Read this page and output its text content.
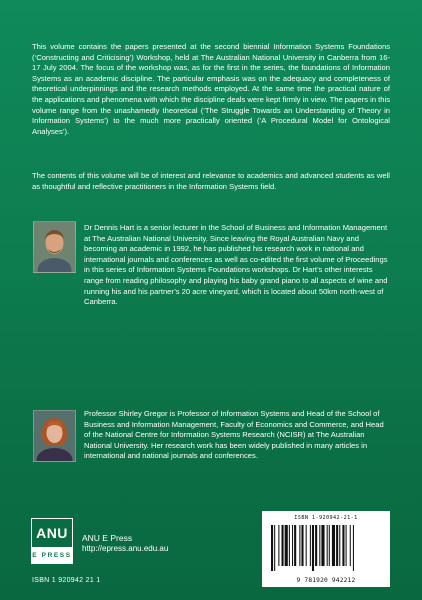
This volume contains the papers presented at the second biennial Information Systems Foundations (‘Constructing and Criticising’) Workshop, held at The Australian National University in Canberra from 16-17 July 2004. The focus of the workshop was, as for the first in the series, the foundations of Information Systems as an academic discipline. The particular emphasis was on the adequacy and completeness of theoretical underpinnings and the research methods employed. At the same time the practical nature of the applications and phenomena with which the discipline deals were kept firmly in view. The papers in this volume range from the unashamedly theoretical (‘The Struggle Towards an Understanding of Theory in Information Systems’) to the much more practically oriented (‘A Procedural Model for Ontological Analyses’).

The contents of this volume will be of interest and relevance to academics and advanced students as well as thoughtful and reflective practitioners in the Information Systems field.

Dr Dennis Hart is a senior lecturer in the School of Business and Information Management at The Australian National University. Since leaving the Royal Australian Navy and becoming an academic in 1992, he has published his research work in national and international journals and conferences as well as co-edited the first volume of Proceedings in this series of Information Systems Foundations workshops. Dr Hart’s other interests range from reading philosophy and playing his baby grand piano to all aspects of wine and running his and his partner’s 20 acre vineyard, which is located about 50km north-west of Canberra.

Professor Shirley Gregor is Professor of Information Systems and Head of the School of Business and Information Management, Faculty of Economics and Commerce, and Head of the National Centre for Information Systems Research (NCISR) at The Australian National University. Her research work has been widely published in many articles in international and national journals and conferences.

ANU
E PRESS

ANU E Press

http://epress.anu.edu.au

ISBN 1 920942 21 1

ISBN 1-920942-21-1

9 781920 942212
